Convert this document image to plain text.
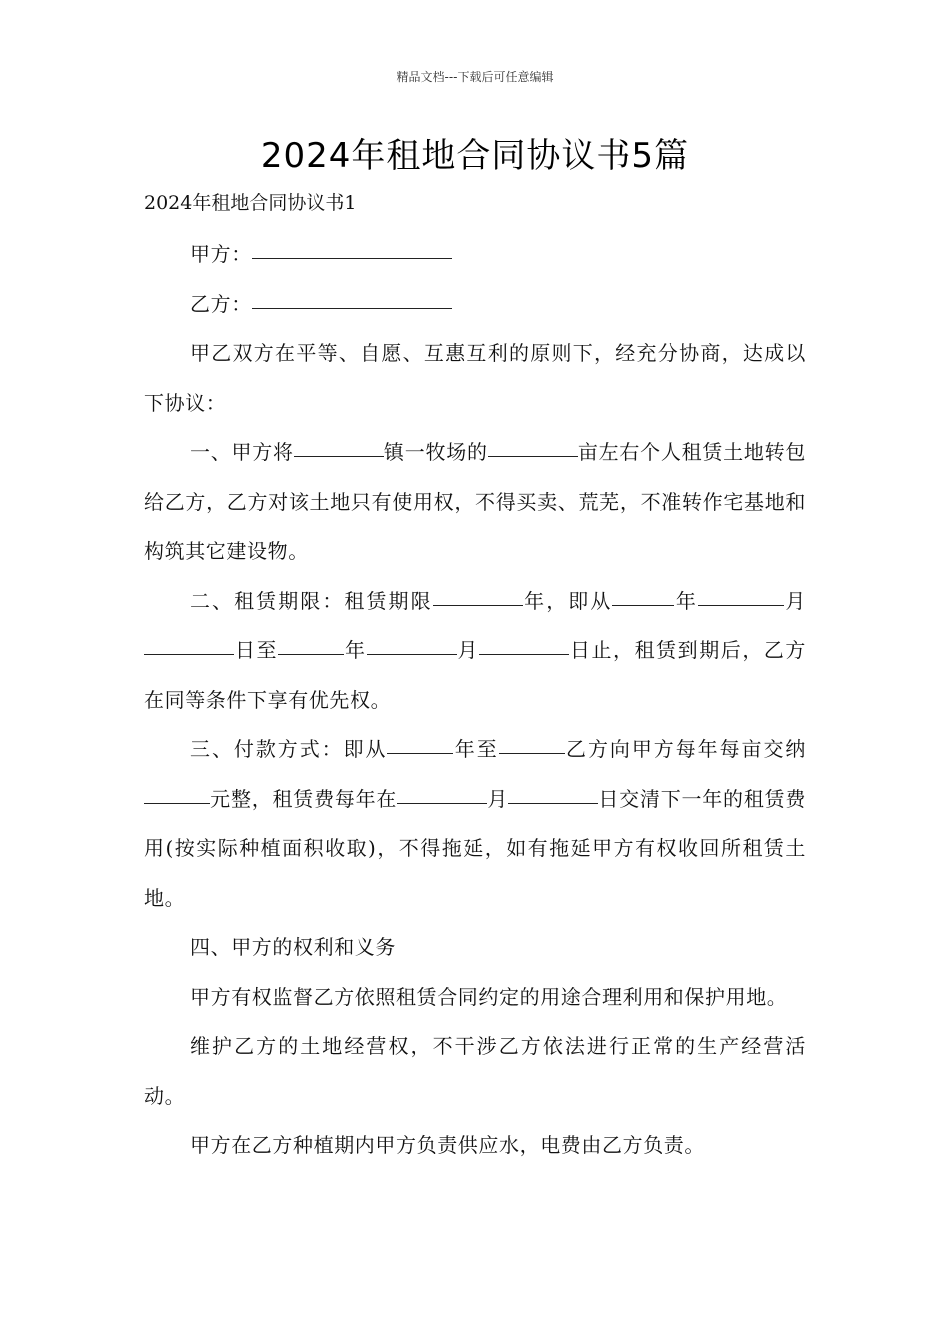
精品文档---下载后可任意编辑
2024年租地合同协议书5篇
2024年租地合同协议书1

甲方：

乙方：

甲乙双方在平等、自愿、互惠互利的原则下，经充分协商，达成以下协议：

一、甲方将	镇一牧场的	亩左右个人租赁土地转包给乙方，乙方对该土地只有使用权，不得买卖、荒芜，不准转作宅基地和构筑其它建设物。

二、租赁期限：租赁期限	年，即从	年	月日至	年	月	日止，租赁到期后，乙方在同等条件下享有优先权。

三、付款方式：即从	年至	乙方向甲方每年每亩交纳元整，租赁费每年在	月	日交清下一年的租赁费用(按实际种植面积收取)，不得拖延，如有拖延甲方有权收回所租赁土地。

四、甲方的权利和义务

甲方有权监督乙方依照租赁合同约定的用途合理利用和保护用地。

维护乙方的土地经营权，不干涉乙方依法进行正常的生产经营活动。

甲方在乙方种植期内甲方负责供应水，电费由乙方负责。
